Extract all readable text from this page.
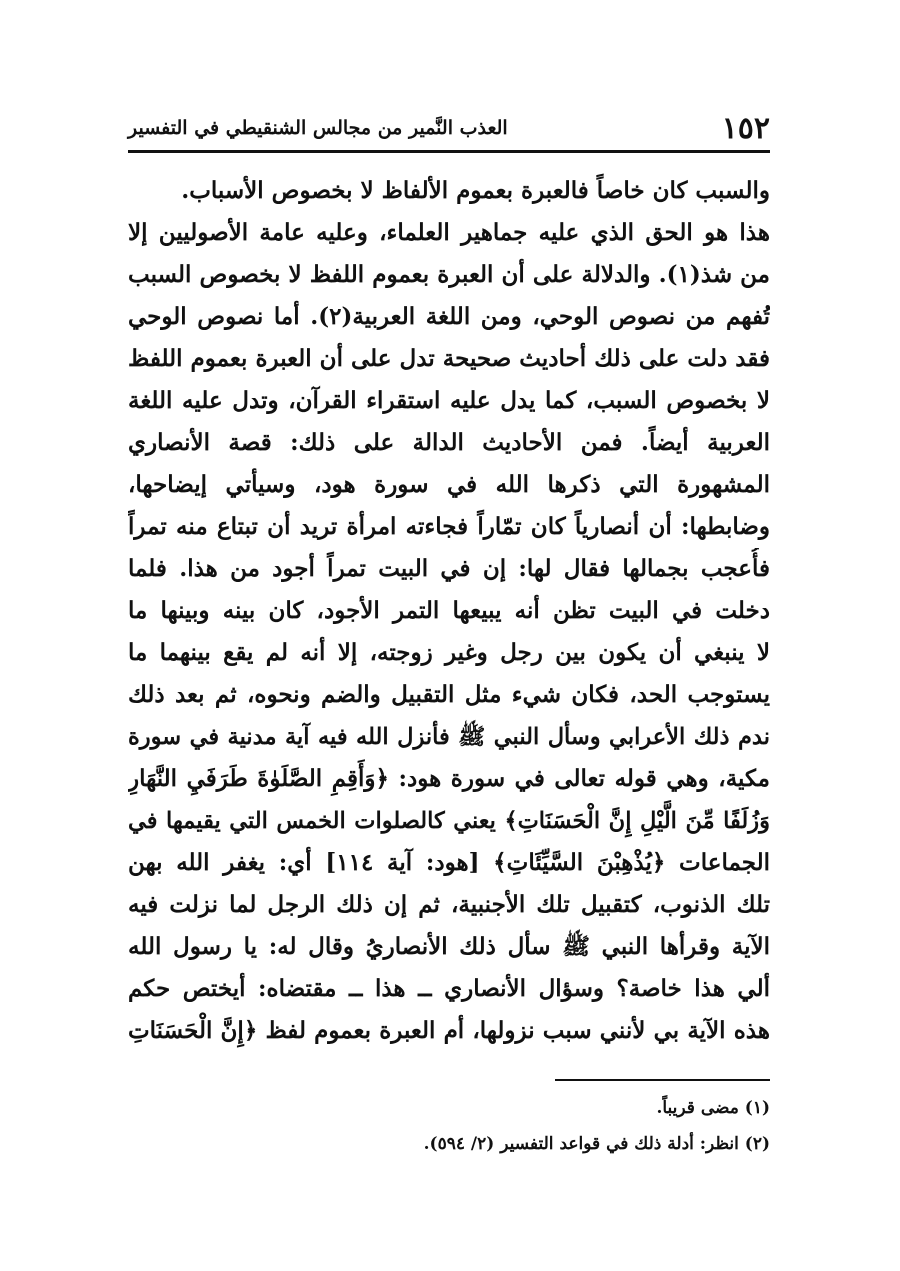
١٥٢
العذب النَّمير من مجالس الشنقيطي في التفسير
والسبب كان خاصاً فالعبرة بعموم الألفاظ لا بخصوص الأسباب.
هذا هو الحق الذي عليه جماهير العلماء، وعليه عامة الأصوليين إلا
من شذ(١). والدلالة على أن العبرة بعموم اللفظ لا بخصوص السبب
تُفهم من نصوص الوحي، ومن اللغة العربية(٢). أما نصوص الوحي
فقد دلت على ذلك أحاديث صحيحة تدل على أن العبرة بعموم اللفظ
لا بخصوص السبب، كما يدل عليه استقراء القرآن، وتدل عليه اللغة
العربية أيضاً. فمن الأحاديث الدالة على ذلك: قصة الأنصاري
المشهورة التي ذكرها الله في سورة هود، وسيأتي إيضاحها،
وضابطها: أن أنصارياً كان تمّاراً فجاءته امرأة تريد أن تبتاع منه تمراً
فأُعجب بجمالها فقال لها: إن في البيت تمراً أجود من هذا. فلما
دخلت في البيت تظن أنه يبيعها التمر الأجود، كان بينه وبينها ما
لا ينبغي أن يكون بين رجل وغير زوجته، إلا أنه لم يقع بينهما ما
يستوجب الحد، فكان شيء مثل التقبيل والضم ونحوه، ثم بعد ذلك
ندم ذلك الأعرابي وسأل النبي ﷺ فأنزل الله فيه آية مدنية في سورة
مكية، وهي قوله تعالى في سورة هود: ﴿وَأَقِمِ الصَّلَوٰةَ طَرَفَيِ النَّهَارِ
وَزُلَفًا مِّنَ الَّيْلِ إِنَّ الْحَسَنَاتِ﴾ يعني كالصلوات الخمس التي يقيمها في
الجماعات ﴿يُذْهِبْنَ السَّيِّئَاتِ﴾ [هود: آية ١١٤] أي: يغفر الله بهن
تلك الذنوب، كتقبيل تلك الأجنبية، ثم إن ذلك الرجل لما نزلت فيه
الآية وقرأها النبي ﷺ سأل ذلك الأنصاريُ وقال له: يا رسول الله
ألي هذا خاصة؟ وسؤال الأنصاري ــ هذا ــ مقتضاه: أيختص حكم
هذه الآية بي لأنني سبب نزولها، أم العبرة بعموم لفظ ﴿إِنَّ الْحَسَنَاتِ
(١) مضى قريباً.
(٢) انظر: أدلة ذلك في قواعد التفسير (٢/ ٥٩٤).
